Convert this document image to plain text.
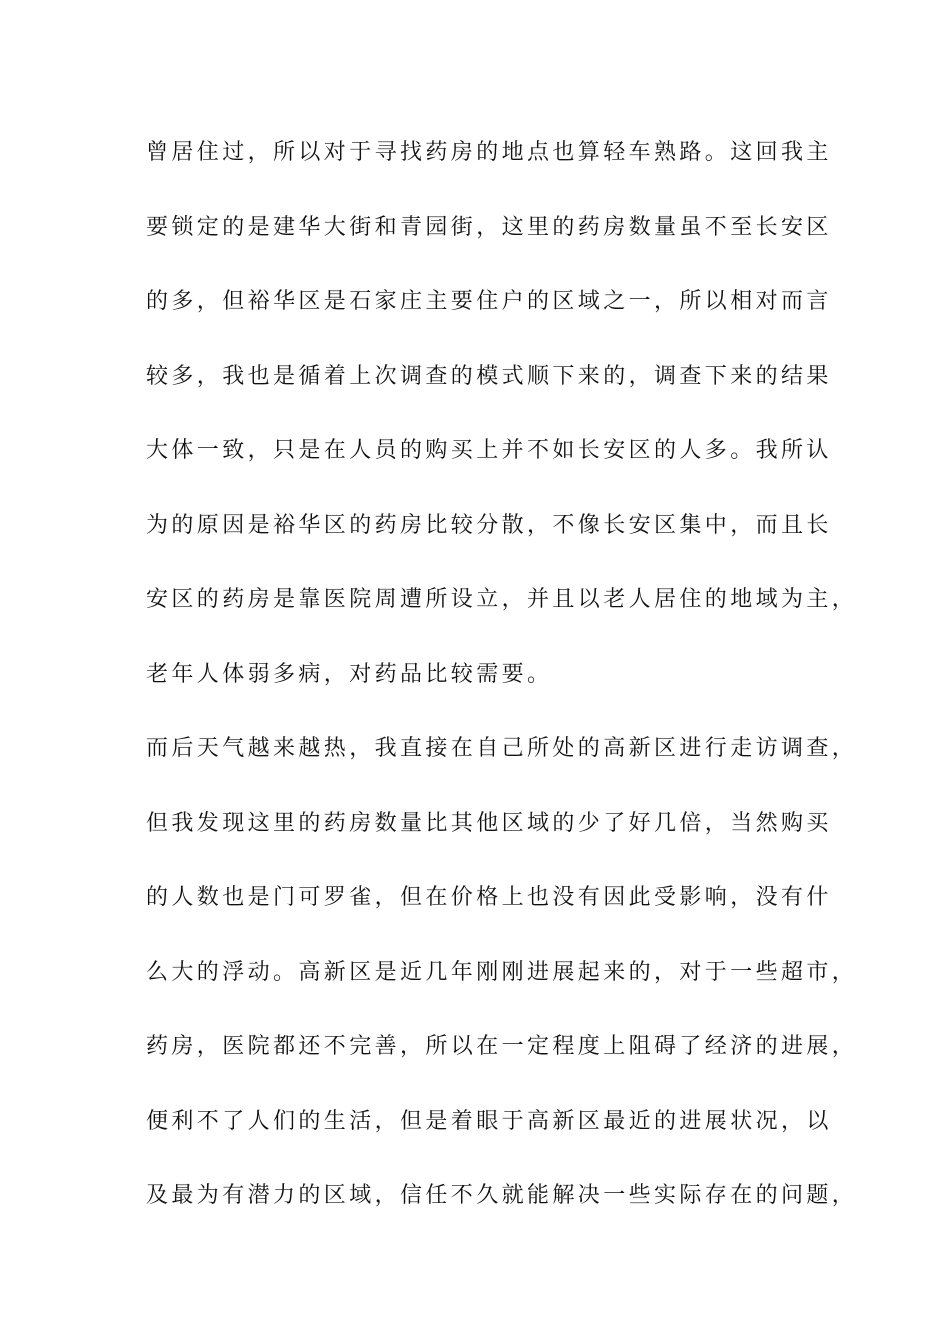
曾居住过，所以对于寻找药房的地点也算轻车熟路。这回我主
要锁定的是建华大街和青园街，这里的药房数量虽不至长安区
的多，但裕华区是石家庄主要住户的区域之一，所以相对而言
较多，我也是循着上次调查的模式顺下来的，调查下来的结果
大体一致，只是在人员的购买上并不如长安区的人多。我所认
为的原因是裕华区的药房比较分散，不像长安区集中，而且长
安区的药房是靠医院周遭所设立，并且以老人居住的地域为主，
老年人体弱多病，对药品比较需要。
而后天气越来越热，我直接在自己所处的高新区进行走访调查，
但我发现这里的药房数量比其他区域的少了好几倍，当然购买
的人数也是门可罗雀，但在价格上也没有因此受影响，没有什
么大的浮动。高新区是近几年刚刚进展起来的，对于一些超市，
药房，医院都还不完善，所以在一定程度上阻碍了经济的进展，
便利不了人们的生活，但是着眼于高新区最近的进展状况，以
及最为有潜力的区域，信任不久就能解决一些实际存在的问题，
